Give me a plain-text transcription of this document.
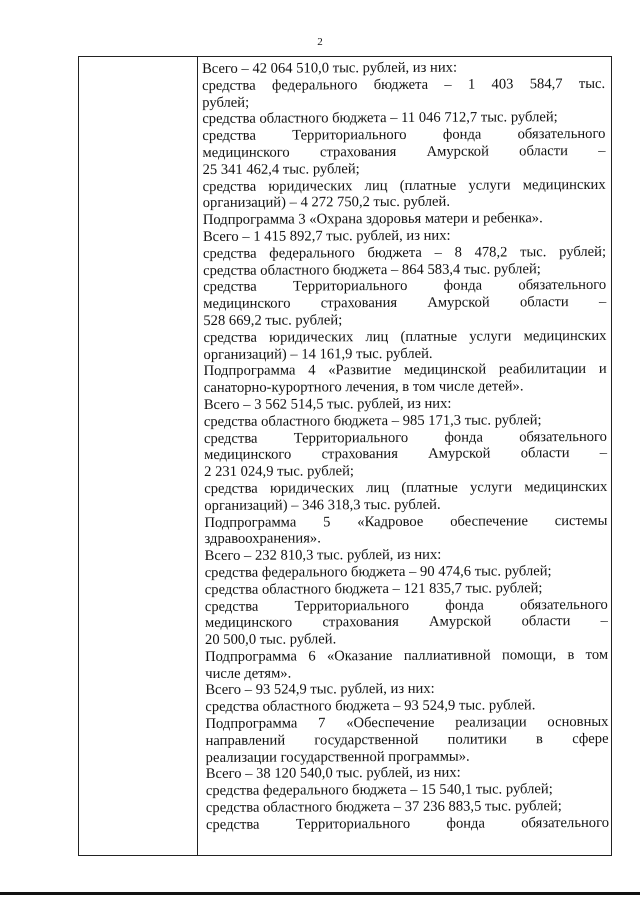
2
Всего – 42 064 510,0 тыс. рублей, из них:
средства федерального бюджета – 1 403 584,7 тыс.
рублей;
средства областного бюджета – 11 046 712,7 тыс. рублей;
средства Территориального фонда обязательного
медицинского страхования Амурской области –
25 341 462,4 тыс. рублей;
средства юридических лиц (платные услуги медицинских
организаций) – 4 272 750,2 тыс. рублей.
Подпрограмма 3 «Охрана здоровья матери и ребенка».
Всего – 1 415 892,7 тыс. рублей, из них:
средства федерального бюджета – 8 478,2 тыс. рублей;
средства областного бюджета – 864 583,4 тыс. рублей;
средства Территориального фонда обязательного
медицинского страхования Амурской области –
528 669,2 тыс. рублей;
средства юридических лиц (платные услуги медицинских
организаций) – 14 161,9 тыс. рублей.
Подпрограмма 4 «Развитие медицинской реабилитации и
санаторно-курортного лечения, в том числе детей».
Всего – 3 562 514,5 тыс. рублей, из них:
средства областного бюджета – 985 171,3 тыс. рублей;
средства Территориального фонда обязательного
медицинского страхования Амурской области –
2 231 024,9 тыс. рублей;
средства юридических лиц (платные услуги медицинских
организаций) – 346 318,3 тыс. рублей.
Подпрограмма 5 «Кадровое обеспечение системы
здравоохранения».
Всего – 232 810,3 тыс. рублей, из них:
средства федерального бюджета – 90 474,6 тыс. рублей;
средства областного бюджета – 121 835,7 тыс. рублей;
средства Территориального фонда обязательного
медицинского страхования Амурской области –
20 500,0 тыс. рублей.
Подпрограмма 6 «Оказание паллиативной помощи, в том
числе детям».
Всего – 93 524,9 тыс. рублей, из них:
средства областного бюджета – 93 524,9 тыс. рублей.
Подпрограмма 7 «Обеспечение реализации основных
направлений государственной политики в сфере
реализации государственной программы».
Всего – 38 120 540,0 тыс. рублей, из них:
средства федерального бюджета – 15 540,1 тыс. рублей;
средства областного бюджета – 37 236 883,5 тыс. рублей;
средства Территориального фонда обязательного
